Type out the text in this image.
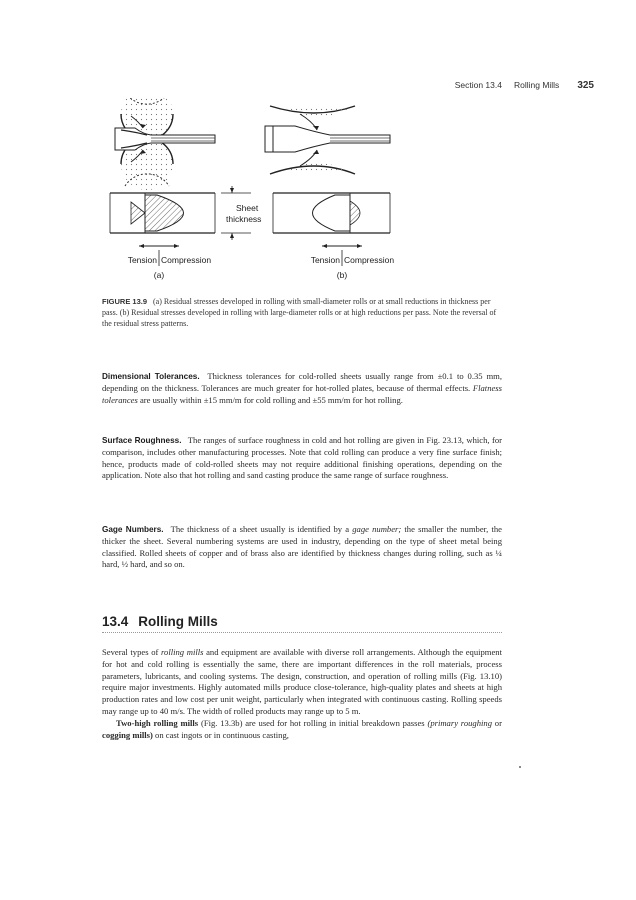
Section 13.4 Rolling Mills 325
Sheet
thickness
Tension Compression
(a)
Tension Compression
(b)
FIGURE 13.9 (a) Residual stresses developed in rolling with small-diameter rolls or at small reductions in thickness per pass. (b) Residual stresses developed in rolling with large-diameter rolls or at high reductions per pass. Note the reversal of the residual stress patterns.

Dimensional Tolerances. Thickness tolerances for cold-rolled sheets usually range from ±0.1 to 0.35 mm, depending on the thickness. Tolerances are much greater for hot-rolled plates, because of thermal effects. Flatness tolerances are usually within ±15 mm/m for cold rolling and ±55 mm/m for hot rolling.

Surface Roughness. The ranges of surface roughness in cold and hot rolling are given in Fig. 23.13, which, for comparison, includes other manufacturing processes. Note that cold rolling can produce a very fine surface finish; hence, products made of cold-rolled sheets may not require additional finishing operations, depending on the application. Note also that hot rolling and sand casting produce the same range of surface roughness.

Gage Numbers. The thickness of a sheet usually is identified by a gage number; the smaller the number, the thicker the sheet. Several numbering systems are used in industry, depending on the type of sheet metal being classified. Rolled sheets of copper and of brass also are identified by thickness changes during rolling, such as ¼ hard, ½ hard, and so on.

13.4 Rolling Mills

Several types of rolling mills and equipment are available with diverse roll arrangements. Although the equipment for hot and cold rolling is essentially the same, there are important differences in the roll materials, process parameters, lubricants, and cooling systems. The design, construction, and operation of rolling mills (Fig. 13.10) require major investments. Highly automated mills produce close-tolerance, high-quality plates and sheets at high production rates and low cost per unit weight, particularly when integrated with continuous casting. Rolling speeds may range up to 40 m/s. The width of rolled products may range up to 5 m.

Two-high rolling mills (Fig. 13.3b) are used for hot rolling in initial breakdown passes (primary roughing or cogging mills) on cast ingots or in continuous casting,
